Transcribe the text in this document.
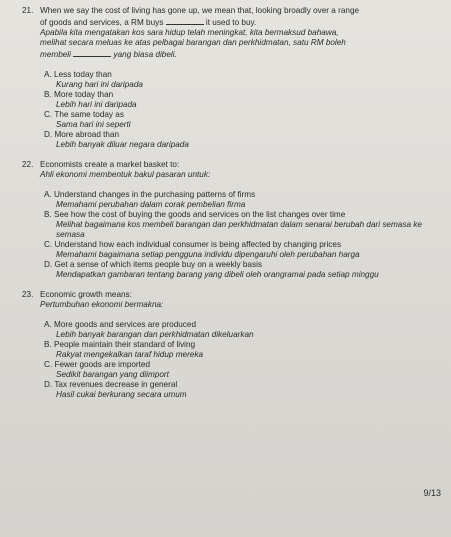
21. When we say the cost of living has gone up, we mean that, looking broadly over a range
of goods and services, a RM buys	it used to buy.
Apabila kita mengatakan kos sara hidup telah meningkat, kita bermaksud bahawa,
melihat secara meluas ke atas pelbagai barangan dan perkhidmatan, satu RM boleh
membeli	yang biasa dibeli.
A. Less today than
Kurang hari ini daripada
B. More today than
Lebih hari ini daripada
C. The same today as
Sama hari ini seperti
D. More abroad than
Lebih banyak diluar negara daripada
22. Economists create a market basket to:
Ahli ekonomi membentuk bakul pasaran untuk:
A. Understand changes in the purchasing patterns of firms
Memahami perubahan dalam corak pembelian firma
B. See how the cost of buying the goods and services on the list changes over time
Melihat bagaimana kos membeli barangan dan perkhidmatan dalam senarai berubah dari semasa ke semasa
C. Understand how each individual consumer is being affected by changing prices
Memahami bagaimana setiap pengguna individu dipengaruhi oleh perubahan harga
D. Get a sense of which items people buy on a weekly basis
Mendapatkan gambaran tentang barang yang dibeli oleh orangramai pada setiap minggu
23. Economic growth means:
Pertumbuhan ekonomi bermakna:
A. More goods and services are produced
Lebih banyak barangan dan perkhidmatan dikeluarkan
B. People maintain their standard of living
Rakyat mengekalkan taraf hidup mereka
C. Fewer goods are imported
Sedikit barangan yang diimport
D. Tax revenues decrease in general
Hasil cukai berkurang secara umum
9/13
